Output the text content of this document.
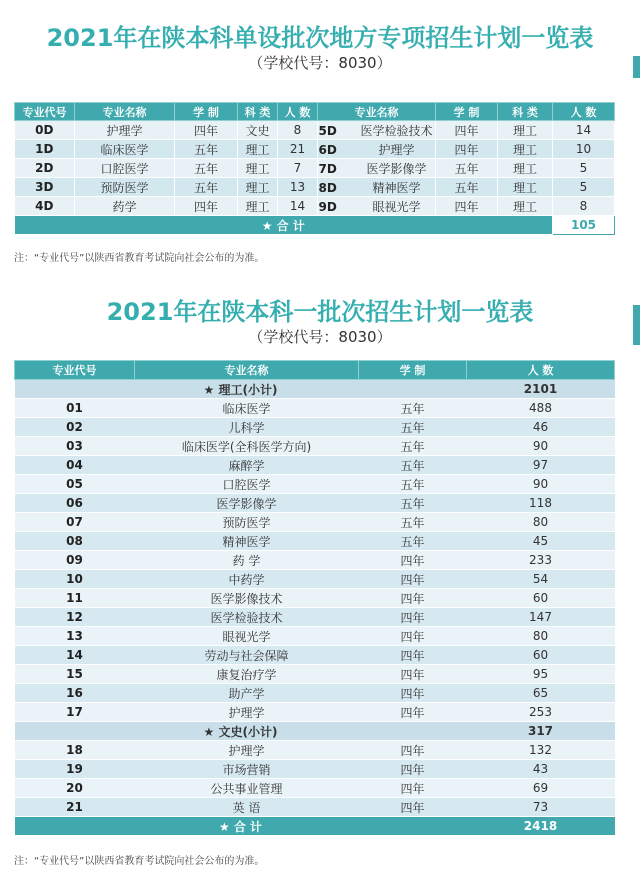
2021年在陕本科单设批次地方专项招生计划一览表
（学校代号：8030）
专业代号	专业名称	学 制	科 类	人 数	专业名称	学 制	科 类	人 数
0D	护理学	四年	文史	8	5D 医学检验技术	四年	理工	14
1D	临床医学	五年	理工	21	6D 护理学	四年	理工	10
2D	口腔医学	五年	理工	7	7D 医学影像学	五年	理工	5
3D	预防医学	五年	理工	13	8D 精神医学	五年	理工	5
4D	药学	四年	理工	14	9D 眼视光学	四年	理工	8
★ 合 计								105
注：“专业代号”以陕西省教育考试院向社会公布的为准。
2021年在陕本科一批次招生计划一览表
（学校代号：8030）
专业代号	专业名称	学 制	人 数
★ 理工(小计)			2101
01	临床医学	五年	488
02	儿科学	五年	46
03	临床医学(全科医学方向)	五年	90
04	麻醉学	五年	97
05	口腔医学	五年	90
06	医学影像学	五年	118
07	预防医学	五年	80
08	精神医学	五年	45
09	药 学	四年	233
10	中药学	四年	54
11	医学影像技术	四年	60
12	医学检验技术	四年	147
13	眼视光学	四年	80
14	劳动与社会保障	四年	60
15	康复治疗学	四年	95
16	助产学	四年	65
17	护理学	四年	253
★ 文史(小计)			317
18	护理学	四年	132
19	市场营销	四年	43
20	公共事业管理	四年	69
21	英 语	四年	73
★ 合 计			2418
注：“专业代号”以陕西省教育考试院向社会公布的为准。
